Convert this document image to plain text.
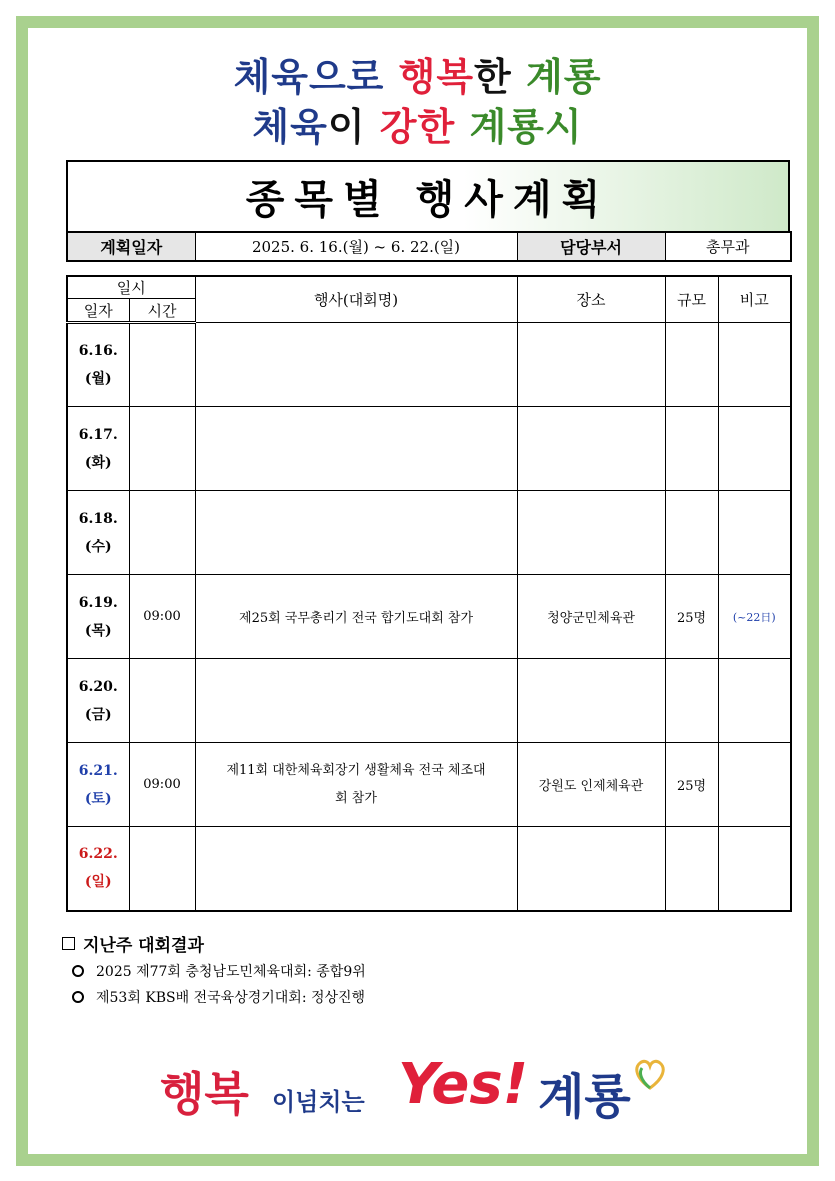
체육으로 행복한 계룡
체육이 강한 계룡시
종목별 행사계획
계획일자	2025. 6. 16.(월) ~ 6. 22.(일)	담당부서	총무과
일시		행사(대회명)	장소	규모	비고
일자	시간				

6.16.
(월)					

6.17.
(화)					

6.18.
(수)					

6.19.
(목)	09:00	제25회 국무총리기 전국 합기도대회 참가	청양군민체육관	25명	(~22日)

6.20.
(금)					

6.21.
(토)	09:00	제11회 대한체육회장기 생활체육 전국 체조대회 참가	강원도 인제체육관	25명	

6.22.
(일)					

지난주 대회결과
2025 제77회 충청남도민체육대회: 종합9위
제53회 KBS배 전국육상경기대회: 정상진행
행복 이넘치는 Yes! 계룡
